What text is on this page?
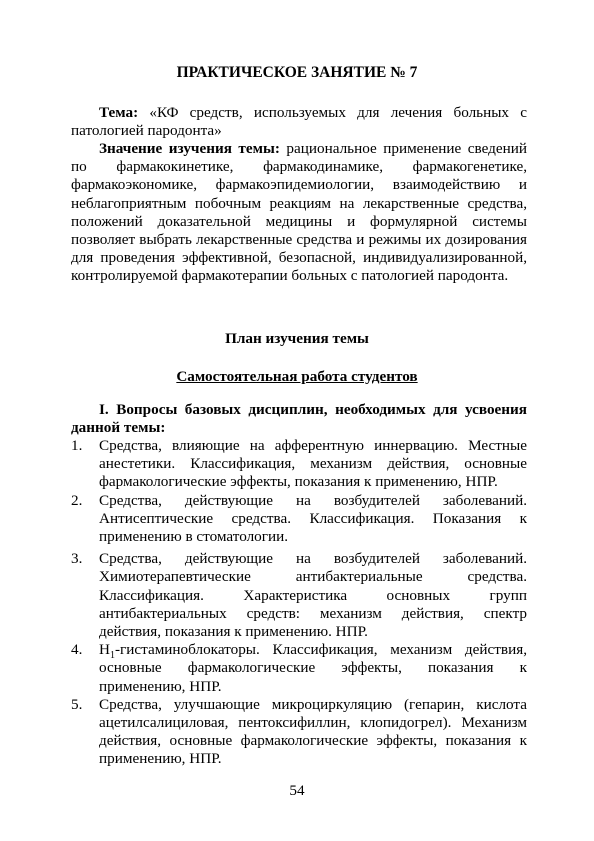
ПРАКТИЧЕСКОЕ ЗАНЯТИЕ № 7
Тема: «КФ средств, используемых для лечения больных с патологией пародонта»
Значение изучения темы: рациональное применение сведений по фармакокинетике, фармакодинамике, фармакогенетике, фармакоэкономике, фармакоэпидемиологии, взаимодействию и неблагоприятным побочным реакциям на лекарственные средства, положений доказательной медицины и формулярной системы позволяет выбрать лекарственные средства и режимы их дозирования для проведения эффективной, безопасной, индивидуализированной, контролируемой фармакотерапии больных с патологией пародонта.
План изучения темы
Самостоятельная работа студентов
I. Вопросы базовых дисциплин, необходимых для усвоения данной темы:
1.	Средства, влияющие на афферентную иннервацию. Местные анестетики. Классификация, механизм действия, основные фармакологические эффекты, показания к применению, НПР.
2.	Средства, действующие на возбудителей заболеваний. Антисептические средства. Классификация. Показания к применению в стоматологии.
3.	Средства, действующие на возбудителей заболеваний. Химиотерапевтические антибактериальные средства. Классификация. Характеристика основных групп антибактериальных средств: механизм действия, спектр действия, показания к применению. НПР.
4.	$Н_1$-гистаминоблокаторы. Классификация, механизм действия, основные фармакологические эффекты, показания к применению, НПР.
5.	Средства, улучшающие микроциркуляцию (гепарин, кислота ацетилсалициловая, пентоксифиллин, клопидогрел). Механизм действия, основные фармакологические эффекты, показания к применению, НПР.
54
